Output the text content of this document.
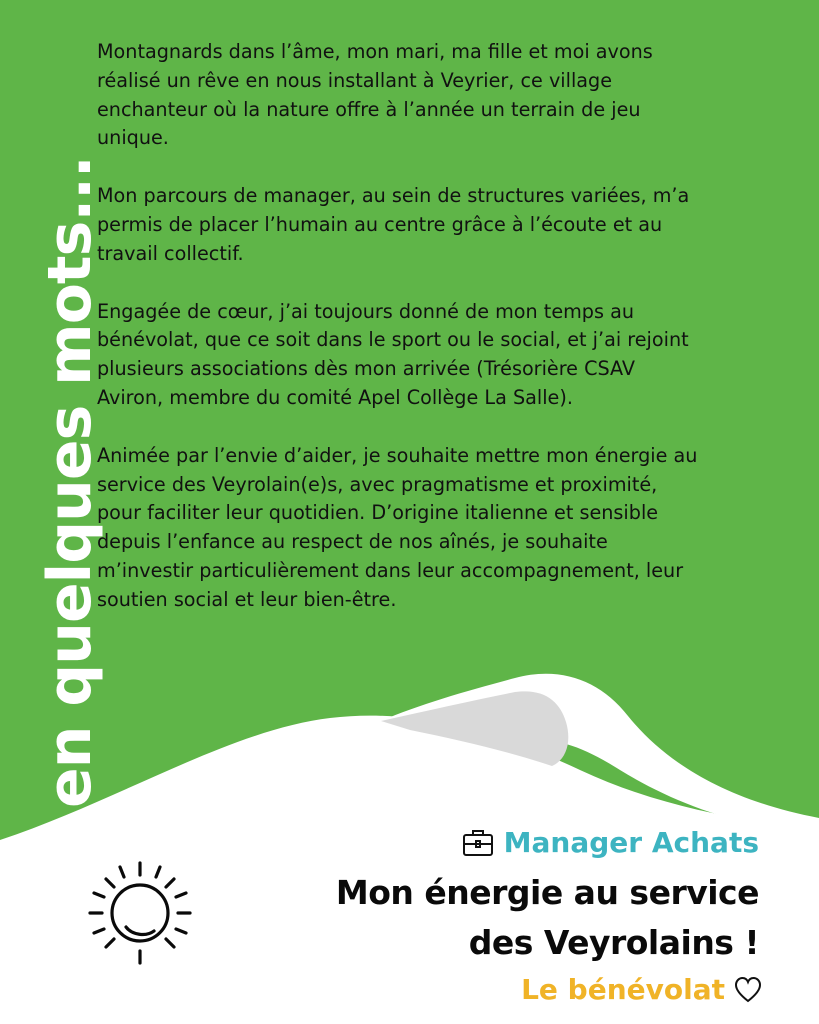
en quelques mots...

Montagnards dans l’âme, mon mari, ma fille et moi avons
réalisé un rêve en nous installant à Veyrier, ce village
enchanteur où la nature offre à l’année un terrain de jeu
unique.

Mon parcours de manager, au sein de structures variées, m’a
permis de placer l’humain au centre grâce à l’écoute et au
travail collectif.

Engagée de cœur, j’ai toujours donné de mon temps au
bénévolat, que ce soit dans le sport ou le social, et j’ai rejoint
plusieurs associations dès mon arrivée (Trésorière CSAV
Aviron, membre du comité Apel Collège La Salle).

Animée par l’envie d’aider, je souhaite mettre mon énergie au
service des Veyrolain(e)s, avec pragmatisme et proximité,
pour faciliter leur quotidien. D’origine italienne et sensible
depuis l’enfance au respect de nos aînés, je souhaite
m’investir particulièrement dans leur accompagnement, leur
soutien social et leur bien-être.

Manager Achats
Mon énergie au service
des Veyrolains !
Le bénévolat
